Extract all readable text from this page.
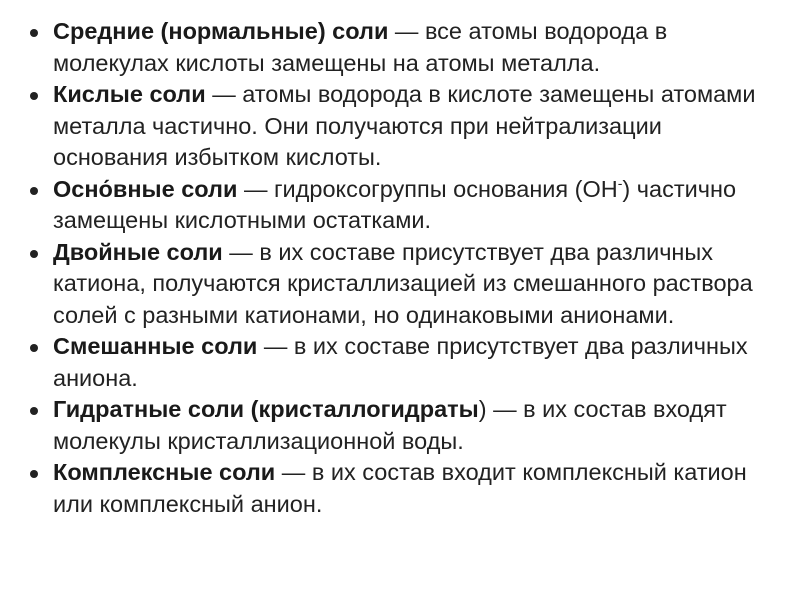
Средние (нормальные) соли — все атомы водорода в молекулах кислоты замещены на атомы металла.
Кислые соли — атомы водорода в кислоте замещены атомами металла частично. Они получаются при нейтрализации основания избытком кислоты.
Осно́вные соли — гидроксогруппы основания (OH-) частично замещены кислотными остатками.
Двойные соли — в их составе присутствует два различных катиона, получаются кристаллизацией из смешанного раствора солей с разными катионами, но одинаковыми анионами.
Смешанные соли — в их составе присутствует два различных аниона.
Гидратные соли (кристаллогидраты) — в их состав входят молекулы кристаллизационной воды.
Комплексные соли — в их состав входит комплексный катион или комплексный анион.
